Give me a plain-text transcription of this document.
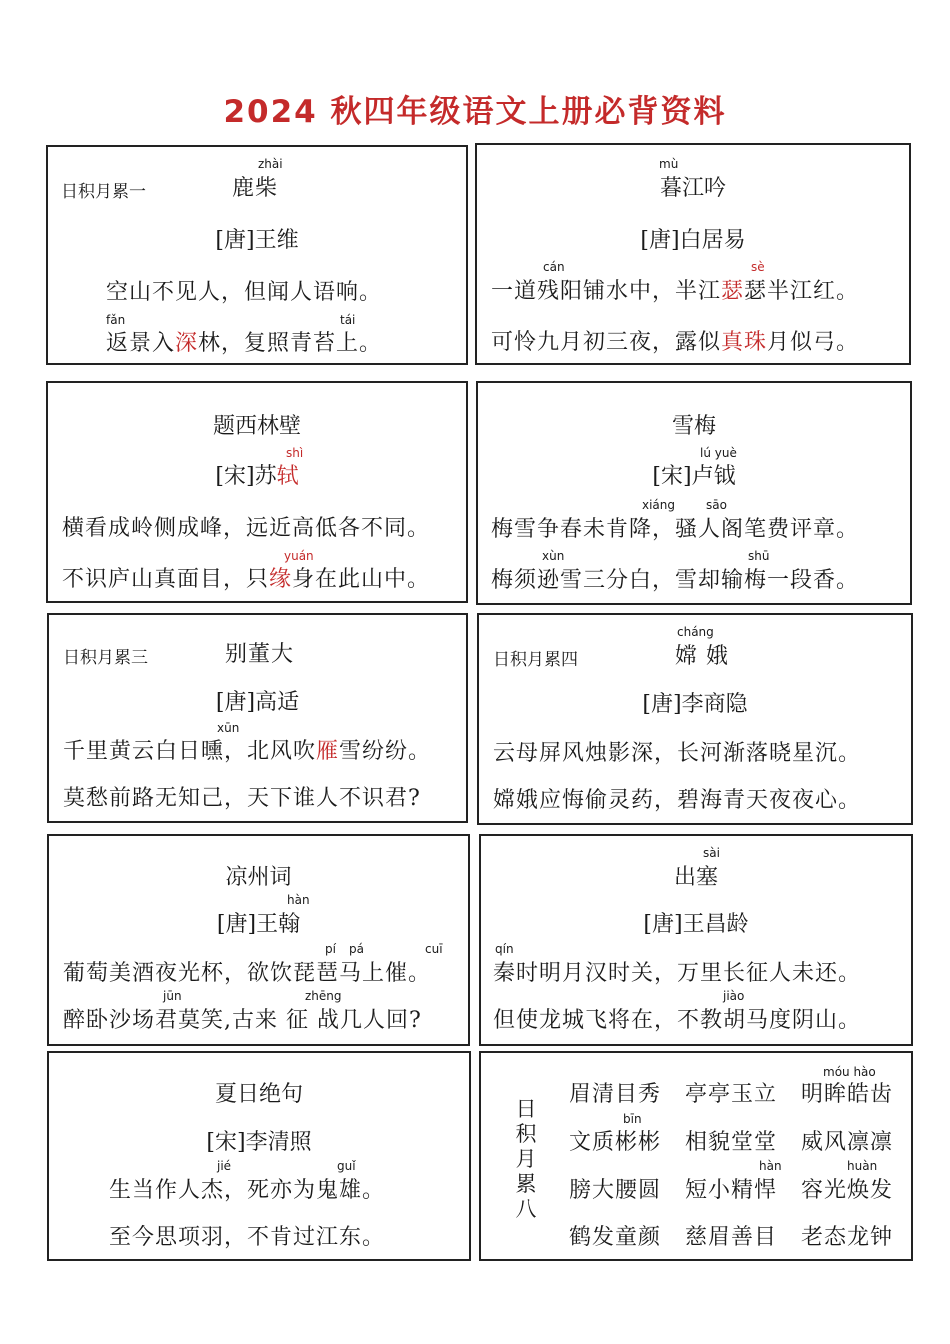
2024 秋四年级语文上册必背资料
日积月累一
zhài
鹿柴
[唐]王维
空山不见人，但闻人语响。
fǎn	tái
返景入深林，复照青苔上。
mù
暮江吟
[唐]白居易
cán	sè
一道残阳铺水中，半江瑟瑟半江红。
可怜九月初三夜，露似真珠月似弓。
题西林壁
shì
[宋]苏轼
横看成岭侧成峰，远近高低各不同。
yuán
不识庐山真面目，只缘身在此山中。
雪梅
lú yuè
[宋]卢钺
xiáng	sāo
梅雪争春未肯降，骚人阁笔费评章。
xùn	shū
梅须逊雪三分白，雪却输梅一段香。
日积月累三	别董大
[唐]高适
xūn
千里黄云白日曛，北风吹雁雪纷纷。
莫愁前路无知己，天下谁人不识君?
日积月累四
cháng
嫦 娥
[唐]李商隐
云母屏风烛影深，长河渐落晓星沉。
嫦娥应悔偷灵药，碧海青天夜夜心。
凉州词
hàn
[唐]王翰
pí pá	cuī
葡萄美酒夜光杯，欲饮琵琶马上催。
jūn	zhēng
醉卧沙场君莫笑,古来 征 战几人回?
sài
出塞
[唐]王昌龄
qín
秦时明月汉时关，万里长征人未还。
jiào
但使龙城飞将在，不教胡马度阴山。
夏日绝句
[宋]李清照
jié	guǐ
生当作人杰，死亦为鬼雄。
至今思项羽，不肯过江东。
日积月累八
móu hào
bīn
hàn	huàn
眉清目秀 亭亭玉立 明眸皓齿
文质彬彬 相貌堂堂 威风凛凛
膀大腰圆 短小精悍 容光焕发
鹤发童颜 慈眉善目 老态龙钟
